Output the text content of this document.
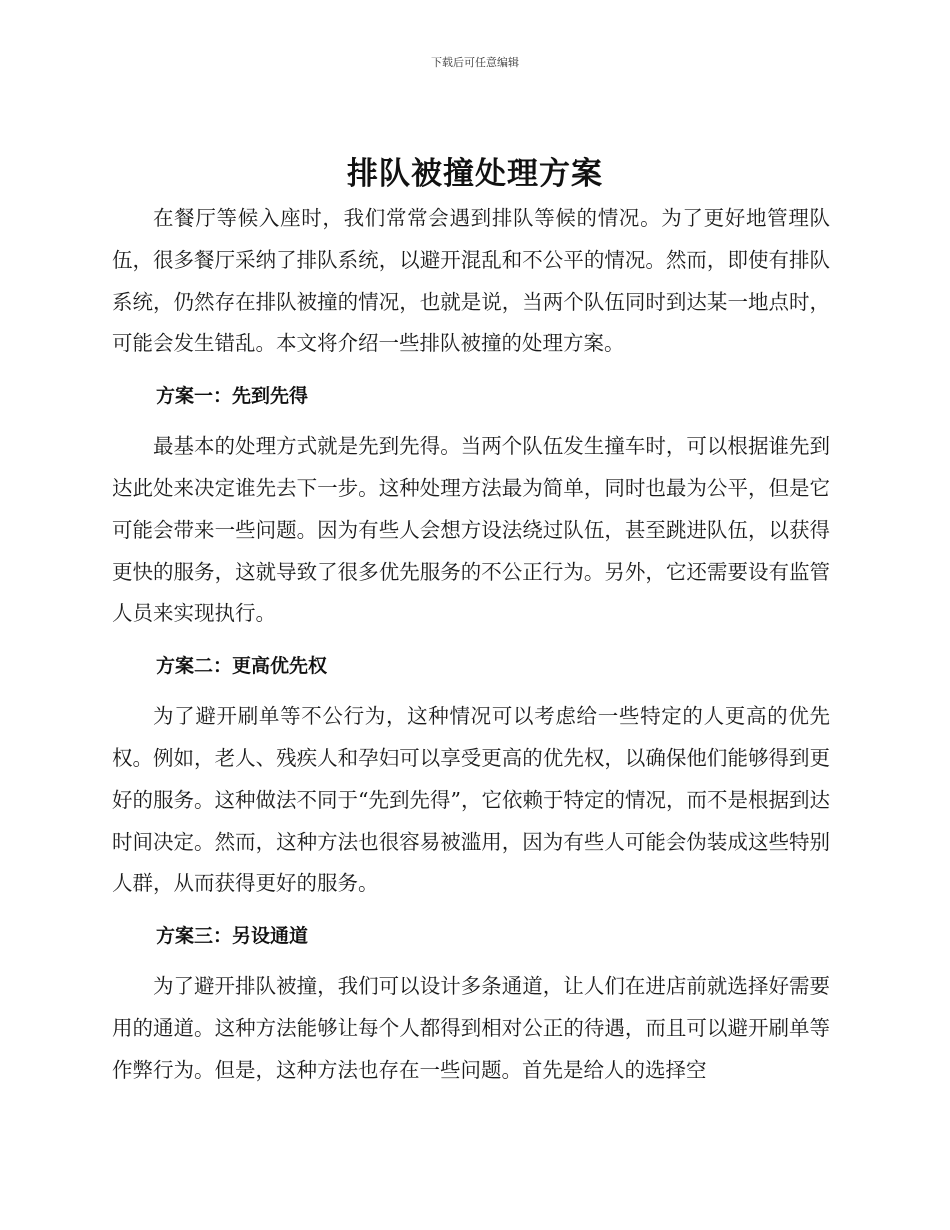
下载后可任意编辑
排队被撞处理方案

在餐厅等候入座时，我们常常会遇到排队等候的情况。为了更好地管理队伍，很多餐厅采纳了排队系统，以避开混乱和不公平的情况。然而，即使有排队系统，仍然存在排队被撞的情况，也就是说，当两个队伍同时到达某一地点时，可能会发生错乱。本文将介绍一些排队被撞的处理方案。

方案一：先到先得

最基本的处理方式就是先到先得。当两个队伍发生撞车时，可以根据谁先到达此处来决定谁先去下一步。这种处理方法最为简单，同时也最为公平，但是它可能会带来一些问题。因为有些人会想方设法绕过队伍，甚至跳进队伍，以获得更快的服务，这就导致了很多优先服务的不公正行为。另外，它还需要设有监管人员来实现执行。

方案二：更高优先权

为了避开刷单等不公行为，这种情况可以考虑给一些特定的人更高的优先权。例如，老人、残疾人和孕妇可以享受更高的优先权，以确保他们能够得到更好的服务。这种做法不同于“先到先得”，它依赖于特定的情况，而不是根据到达时间决定。然而，这种方法也很容易被滥用，因为有些人可能会伪装成这些特别人群，从而获得更好的服务。

方案三：另设通道

为了避开排队被撞，我们可以设计多条通道，让人们在进店前就选择好需要用的通道。这种方法能够让每个人都得到相对公正的待遇，而且可以避开刷单等作弊行为。但是，这种方法也存在一些问题。首先是给人的选择空
